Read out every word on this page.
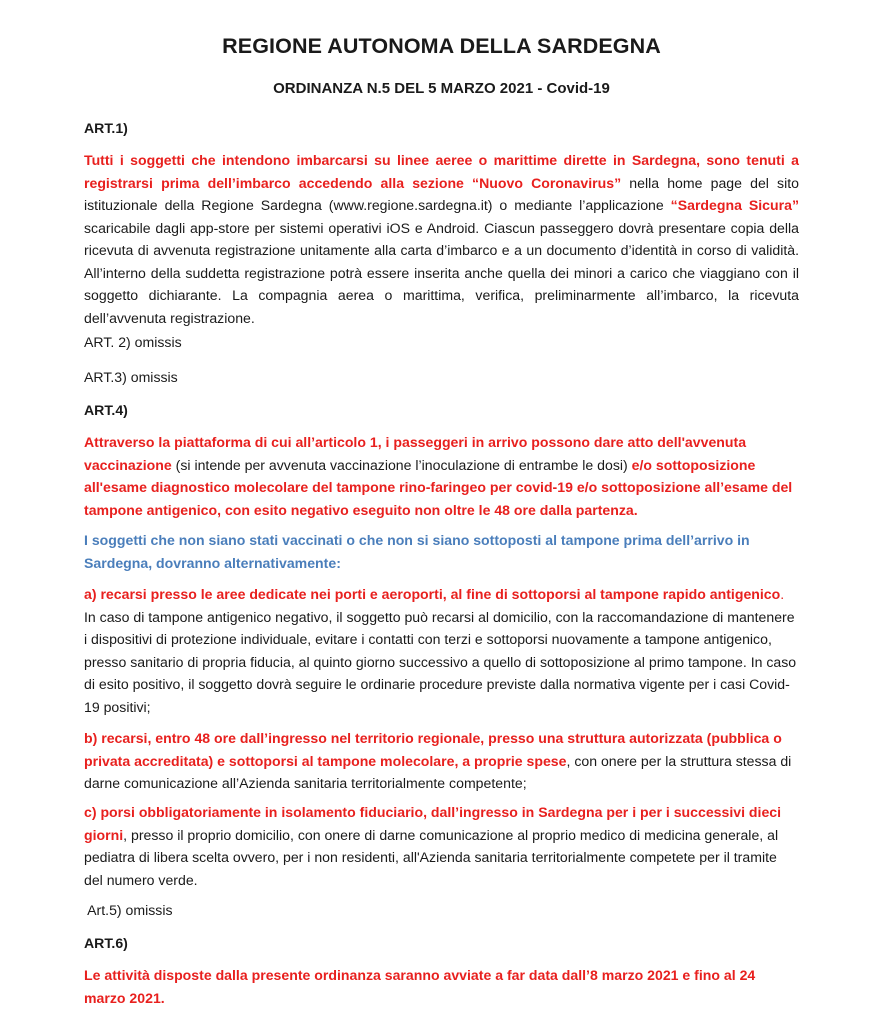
REGIONE AUTONOMA DELLA SARDEGNA
ORDINANZA N.5 DEL 5 MARZO 2021 - Covid-19

ART.1)

Tutti i soggetti che intendono imbarcarsi su linee aeree o marittime dirette in Sardegna, sono tenuti a registrarsi prima dell’imbarco accedendo alla sezione “Nuovo Coronavirus” nella home page del sito istituzionale della Regione Sardegna (www.regione.sardegna.it) o mediante l’applicazione “Sardegna Sicura” scaricabile dagli app-store per sistemi operativi iOS e Android. Ciascun passeggero dovrà presentare copia della ricevuta di avvenuta registrazione unitamente alla carta d’imbarco e a un documento d’identità in corso di validità. All’interno della suddetta registrazione potrà essere inserita anche quella dei minori a carico che viaggiano con il soggetto dichiarante. La compagnia aerea o marittima, verifica, preliminarmente all’imbarco, la ricevuta dell’avvenuta registrazione.

ART. 2) omissis

ART.3) omissis

ART.4)

Attraverso la piattaforma di cui all’articolo 1, i passeggeri in arrivo possono dare atto dell'avvenuta vaccinazione (si intende per avvenuta vaccinazione l’inoculazione di entrambe le dosi) e/o sottoposizione all'esame diagnostico molecolare del tampone rino-faringeo per covid-19 e/o sottoposizione all’esame del tampone antigenico, con esito negativo eseguito non oltre le 48 ore dalla partenza.

I soggetti che non siano stati vaccinati o che non si siano sottoposti al tampone prima dell’arrivo in Sardegna, dovranno alternativamente:

a) recarsi presso le aree dedicate nei porti e aeroporti, al fine di sottoporsi al tampone rapido antigenico.
In caso di tampone antigenico negativo, il soggetto può recarsi al domicilio, con la raccomandazione di mantenere i dispositivi di protezione individuale, evitare i contatti con terzi e sottoporsi nuovamente a tampone antigenico, presso sanitario di propria fiducia, al quinto giorno successivo a quello di sottoposizione al primo tampone. In caso di esito positivo, il soggetto dovrà seguire le ordinarie procedure previste dalla normativa vigente per i casi Covid-19 positivi;

b) recarsi, entro 48 ore dall’ingresso nel territorio regionale, presso una struttura autorizzata (pubblica o privata accreditata) e sottoporsi al tampone molecolare, a proprie spese, con onere per la struttura stessa di darne comunicazione all’Azienda sanitaria territorialmente competente;

c) porsi obbligatoriamente in isolamento fiduciario, dall’ingresso in Sardegna per i per i successivi dieci giorni, presso il proprio domicilio, con onere di darne comunicazione al proprio medico di medicina generale, al pediatra di libera scelta ovvero, per i non residenti, all'Azienda sanitaria territorialmente competete per il tramite del numero verde.

Art.5) omissis

ART.6)

Le attività disposte dalla presente ordinanza saranno avviate a far data dall’8 marzo 2021 e fino al 24 marzo 2021.
